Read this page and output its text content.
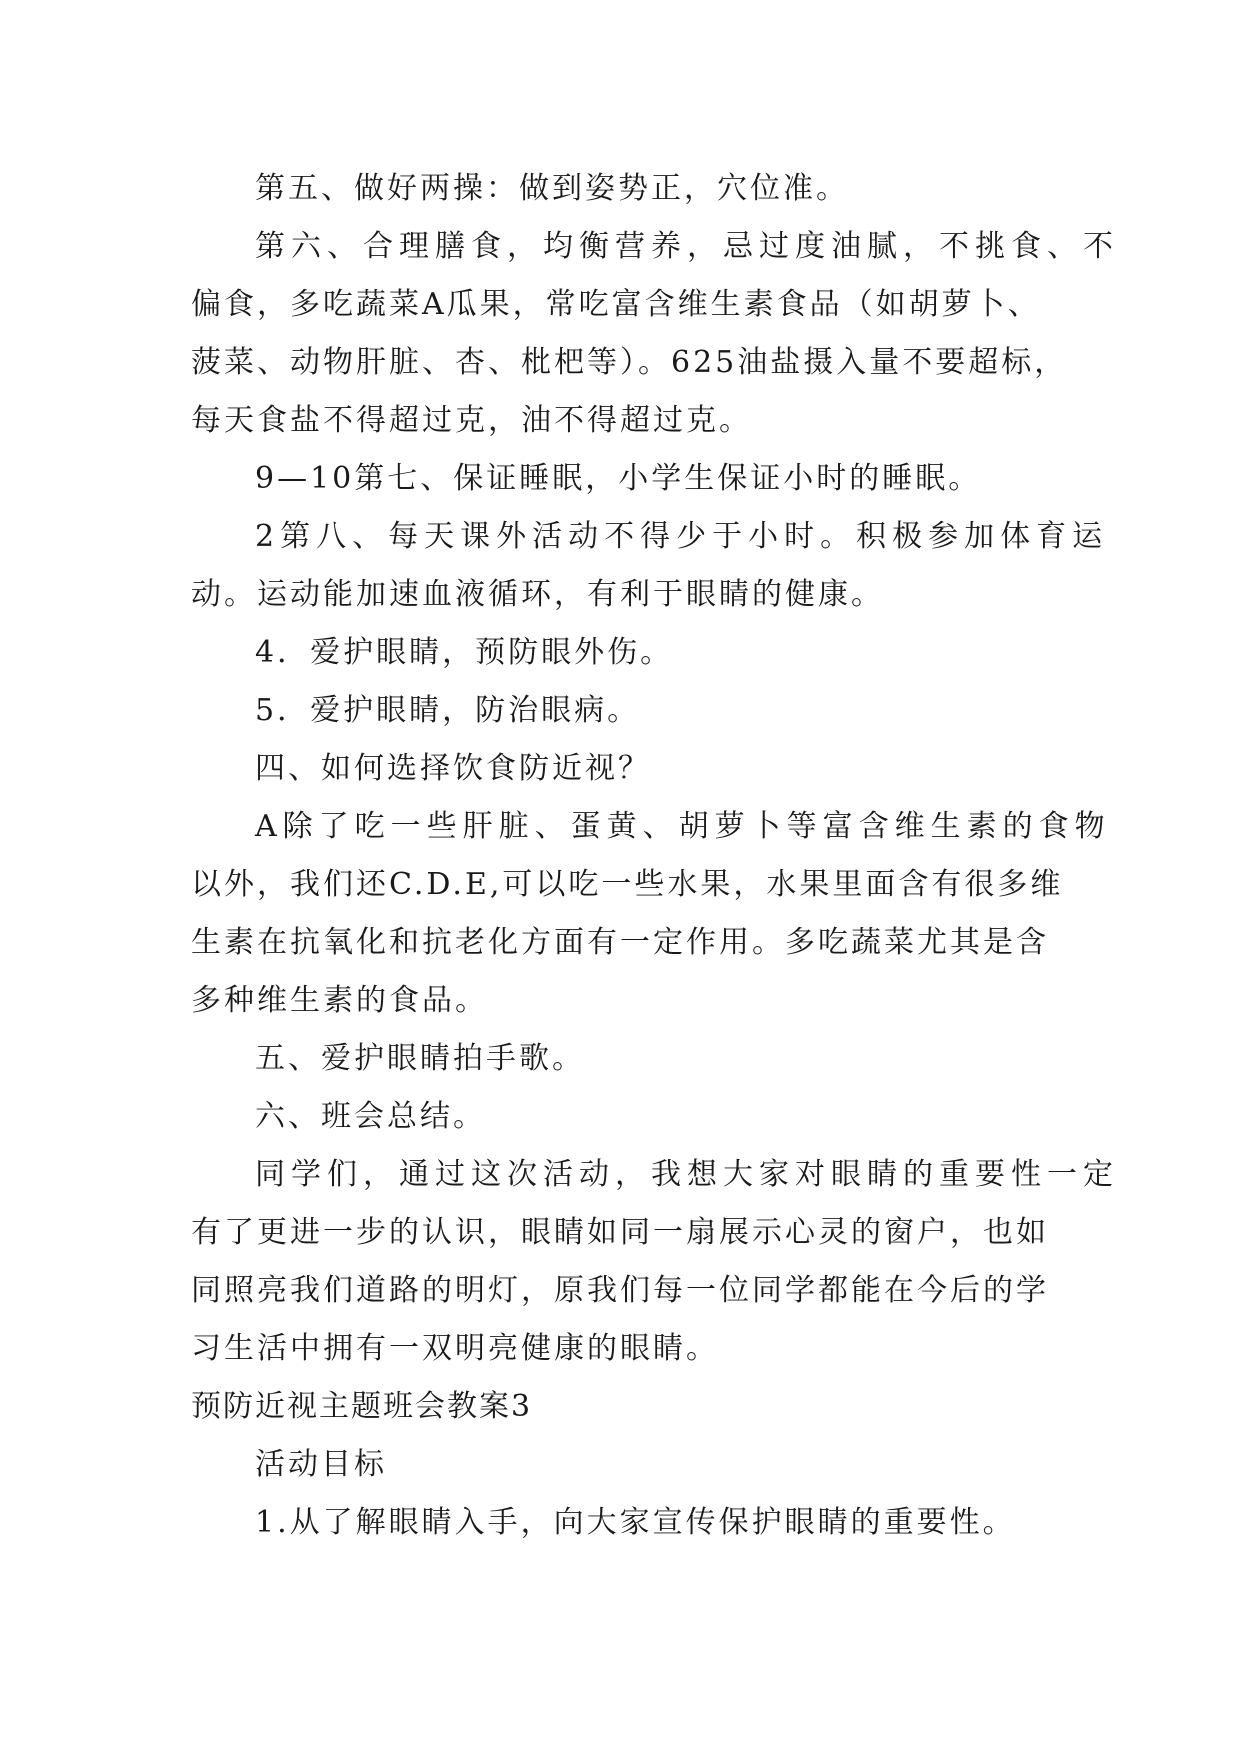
第五、做好两操：做到姿势正，穴位准。
第六、合理膳食，均衡营养，忌过度油腻，不挑食、不
偏食，多吃蔬菜A瓜果，常吃富含维生素食品（如胡萝卜、
菠菜、动物肝脏、杏、枇杷等）。625油盐摄入量不要超标，
每天食盐不得超过克，油不得超过克。
9—10第七、保证睡眠，小学生保证小时的睡眠。
2第八、每天课外活动不得少于小时。积极参加体育运
动。运动能加速血液循环，有利于眼睛的健康。
4．爱护眼睛，预防眼外伤。
5．爱护眼睛，防治眼病。
四、如何选择饮食防近视？
A除了吃一些肝脏、蛋黄、胡萝卜等富含维生素的食物
以外，我们还C.D.E,可以吃一些水果，水果里面含有很多维
生素在抗氧化和抗老化方面有一定作用。多吃蔬菜尤其是含
多种维生素的食品。
五、爱护眼睛拍手歌。
六、班会总结。
同学们，通过这次活动，我想大家对眼睛的重要性一定
有了更进一步的认识，眼睛如同一扇展示心灵的窗户，也如
同照亮我们道路的明灯，原我们每一位同学都能在今后的学
习生活中拥有一双明亮健康的眼睛。
预防近视主题班会教案3
活动目标
1.从了解眼睛入手，向大家宣传保护眼睛的重要性。
